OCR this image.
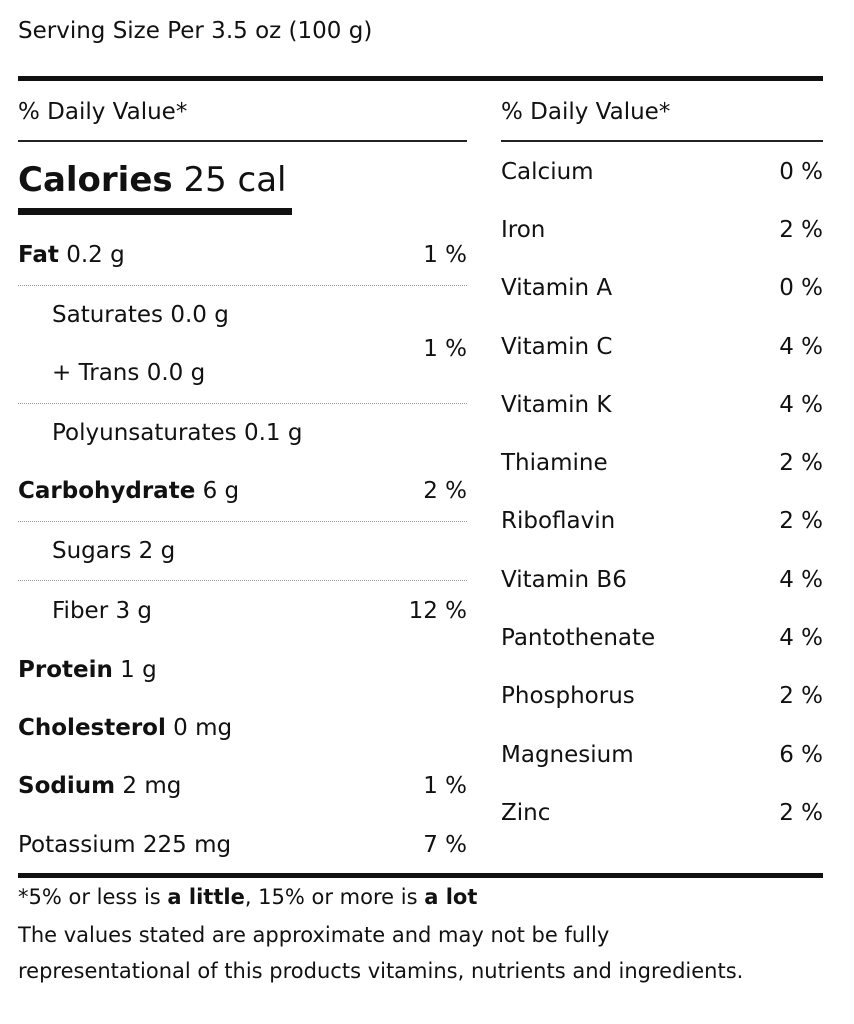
Serving Size Per 3.5 oz (100 g)
% Daily Value*	% Daily Value*
Calories 25 cal
Fat 0.2 g	1 %
Saturates 0.0 g
+ Trans 0.0 g
1 %
Polyunsaturates 0.1 g
Carbohydrate 6 g	2 %
Sugars 2 g
Fiber 3 g	12 %
Protein 1 g
Cholesterol 0 mg
Sodium 2 mg	1 %
Potassium 225 mg	7 %
Calcium	0 %
Iron	2 %
Vitamin A	0 %
Vitamin C	4 %
Vitamin K	4 %
Thiamine	2 %
Riboflavin	2 %
Vitamin B6	4 %
Pantothenate	4 %
Phosphorus	2 %
Magnesium	6 %
Zinc	2 %
*5% or less is a little, 15% or more is a lot
The values stated are approximate and may not be fully
representational of this products vitamins, nutrients and ingredients.
